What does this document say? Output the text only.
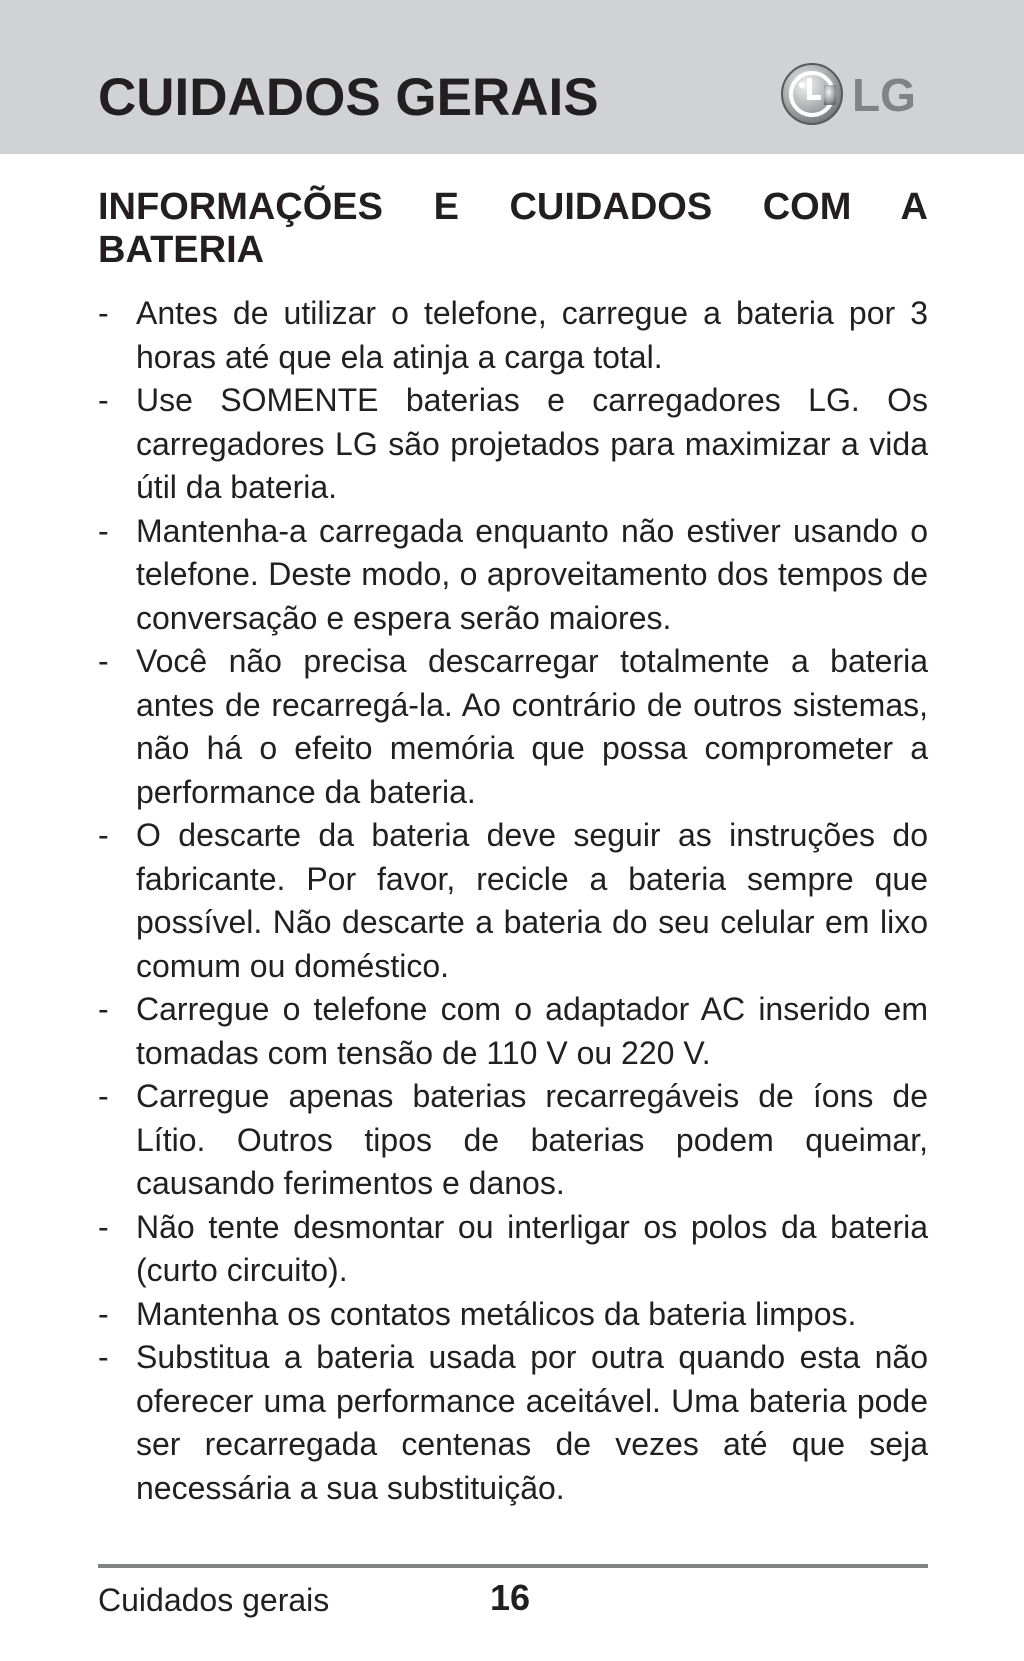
CUIDADOS GERAIS	LG
INFORMAÇÕES E CUIDADOS COM A BATERIA
- Antes de utilizar o telefone, carregue a bateria por 3 horas até que ela atinja a carga total.
- Use SOMENTE baterias e carregadores LG. Os carregadores LG são projetados para maximizar a vida útil da bateria.
- Mantenha-a carregada enquanto não estiver usando o telefone. Deste modo, o aproveitamento dos tempos de conversação e espera serão maiores.
- Você não precisa descarregar totalmente a bateria antes de recarregá-la. Ao contrário de outros sistemas, não há o efeito memória que possa comprometer a performance da bateria.
- O descarte da bateria deve seguir as instruções do fabricante. Por favor, recicle a bateria sempre que possível. Não descarte a bateria do seu celular em lixo comum ou doméstico.
- Carregue o telefone com o adaptador AC inserido em tomadas com tensão de 110 V ou 220 V.
- Carregue apenas baterias recarregáveis de íons de Lítio. Outros tipos de baterias podem queimar, causando ferimentos e danos.
- Não tente desmontar ou interligar os polos da bateria (curto circuito).
- Mantenha os contatos metálicos da bateria limpos.
- Substitua a bateria usada por outra quando esta não oferecer uma performance aceitável. Uma bateria pode ser recarregada centenas de vezes até que seja necessária a sua substituição.
Cuidados gerais	16
